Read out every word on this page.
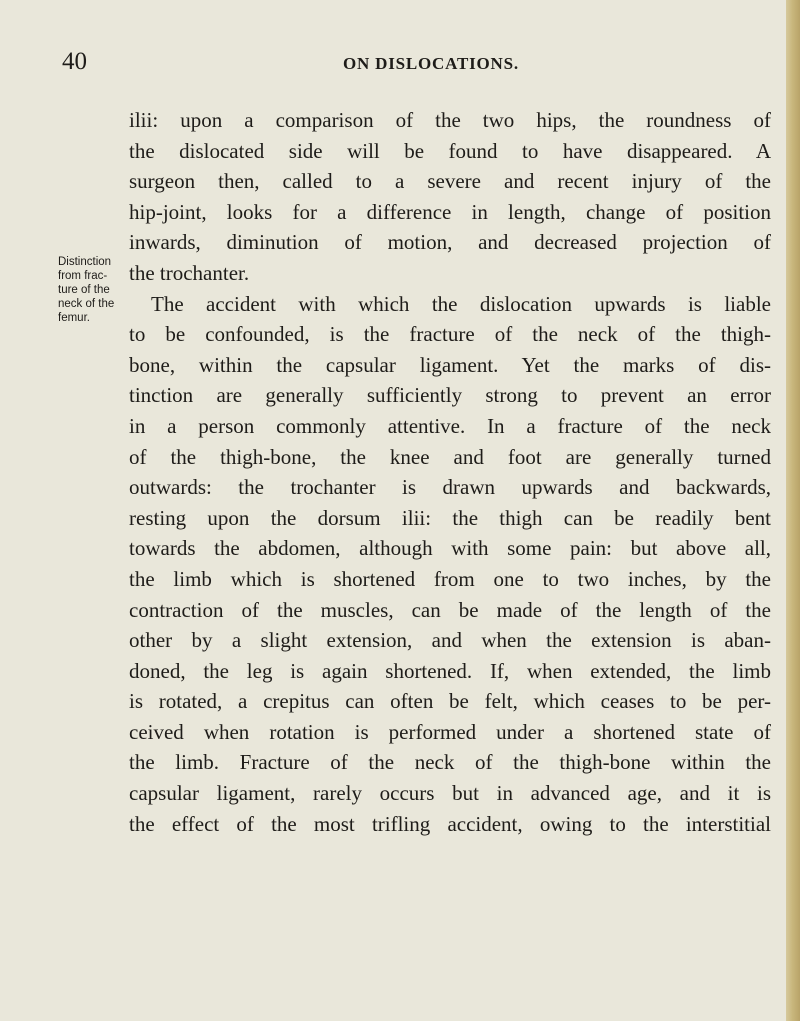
40	ON DISLOCATIONS.
Distinction
from frac-
ture of the
neck of the
femur.
ilii: upon a comparison of the two hips, the roundness of
the dislocated side will be found to have disappeared. A
surgeon then, called to a severe and recent injury of the
hip-joint, looks for a difference in length, change of position
inwards, diminution of motion, and decreased projection of
the trochanter.
The accident with which the dislocation upwards is liable
to be confounded, is the fracture of the neck of the thigh-
bone, within the capsular ligament. Yet the marks of dis-
tinction are generally sufficiently strong to prevent an error
in a person commonly attentive. In a fracture of the neck
of the thigh-bone, the knee and foot are generally turned
outwards: the trochanter is drawn upwards and backwards,
resting upon the dorsum ilii: the thigh can be readily bent
towards the abdomen, although with some pain: but above all,
the limb which is shortened from one to two inches, by the
contraction of the muscles, can be made of the length of the
other by a slight extension, and when the extension is aban-
doned, the leg is again shortened. If, when extended, the limb
is rotated, a crepitus can often be felt, which ceases to be per-
ceived when rotation is performed under a shortened state of
the limb. Fracture of the neck of the thigh-bone within the
capsular ligament, rarely occurs but in advanced age, and it is
the effect of the most trifling accident, owing to the interstitial
